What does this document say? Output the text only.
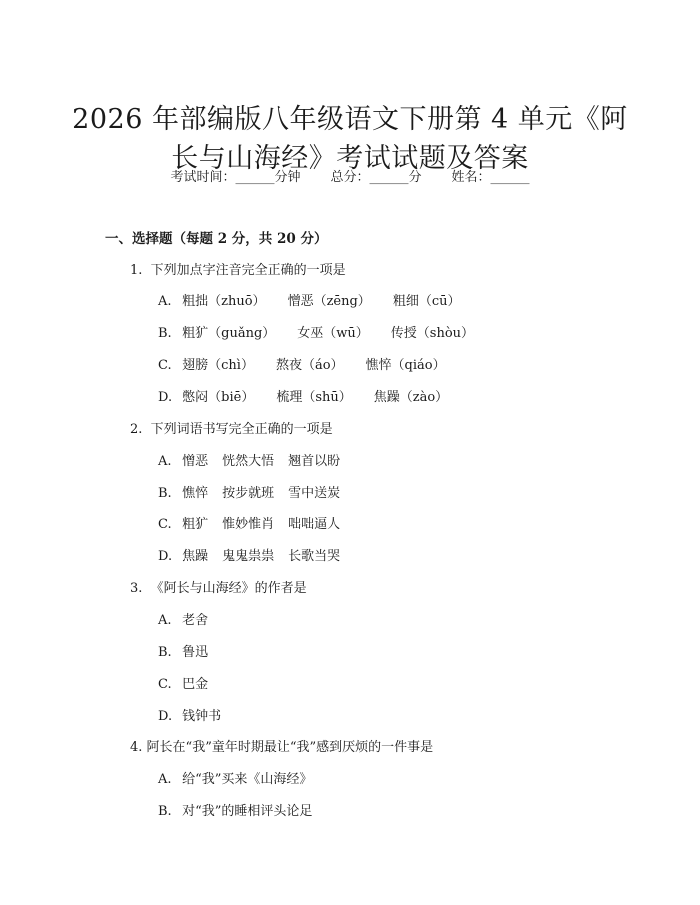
2026 年部编版八年级语文下册第 4 单元《阿
长与山海经》考试试题及答案
考试时间：______分钟 总分：______分 姓名：______
一、选择题（每题 2 分，共 20 分）
1. 下列加点字注音完全正确的一项是
A. 粗拙（zhuō） 憎恶（zēng） 粗细（cū）
B. 粗犷（guǎng） 女巫（wū） 传授（shòu）
C. 翅膀（chì） 熬夜（áo） 憔悴（qiáo）
D. 憋闷（biē） 梳理（shū） 焦躁（zào）
2. 下列词语书写完全正确的一项是
A. 憎恶 恍然大悟 翘首以盼
B. 憔悴 按步就班 雪中送炭
C. 粗犷 惟妙惟肖 咄咄逼人
D. 焦躁 鬼鬼祟祟 长歌当哭
3. 《阿长与山海经》的作者是
A. 老舍
B. 鲁迅
C. 巴金
D. 钱钟书
4. 阿长在“我”童年时期最让“我”感到厌烦的一件事是
A. 给“我”买来《山海经》
B. 对“我”的睡相评头论足
